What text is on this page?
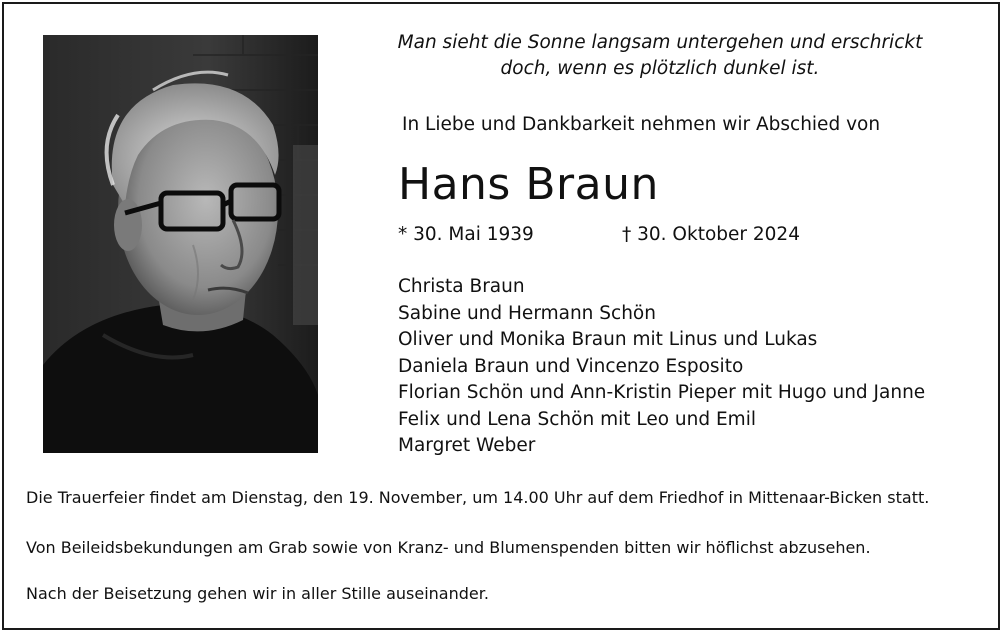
Man sieht die Sonne langsam untergehen und erschrickt
doch, wenn es plötzlich dunkel ist.
In Liebe und Dankbarkeit nehmen wir Abschied von
Hans Braun
* 30. Mai 1939	† 30. Oktober 2024
Christa Braun
Sabine und Hermann Schön
Oliver und Monika Braun mit Linus und Lukas
Daniela Braun und Vincenzo Esposito
Florian Schön und Ann-Kristin Pieper mit Hugo und Janne
Felix und Lena Schön mit Leo und Emil
Margret Weber
Die Trauerfeier findet am Dienstag, den 19. November, um 14.00 Uhr auf dem Friedhof in Mittenaar-Bicken statt.
Von Beileidsbekundungen am Grab sowie von Kranz- und Blumenspenden bitten wir höflichst abzusehen.
Nach der Beisetzung gehen wir in aller Stille auseinander.
